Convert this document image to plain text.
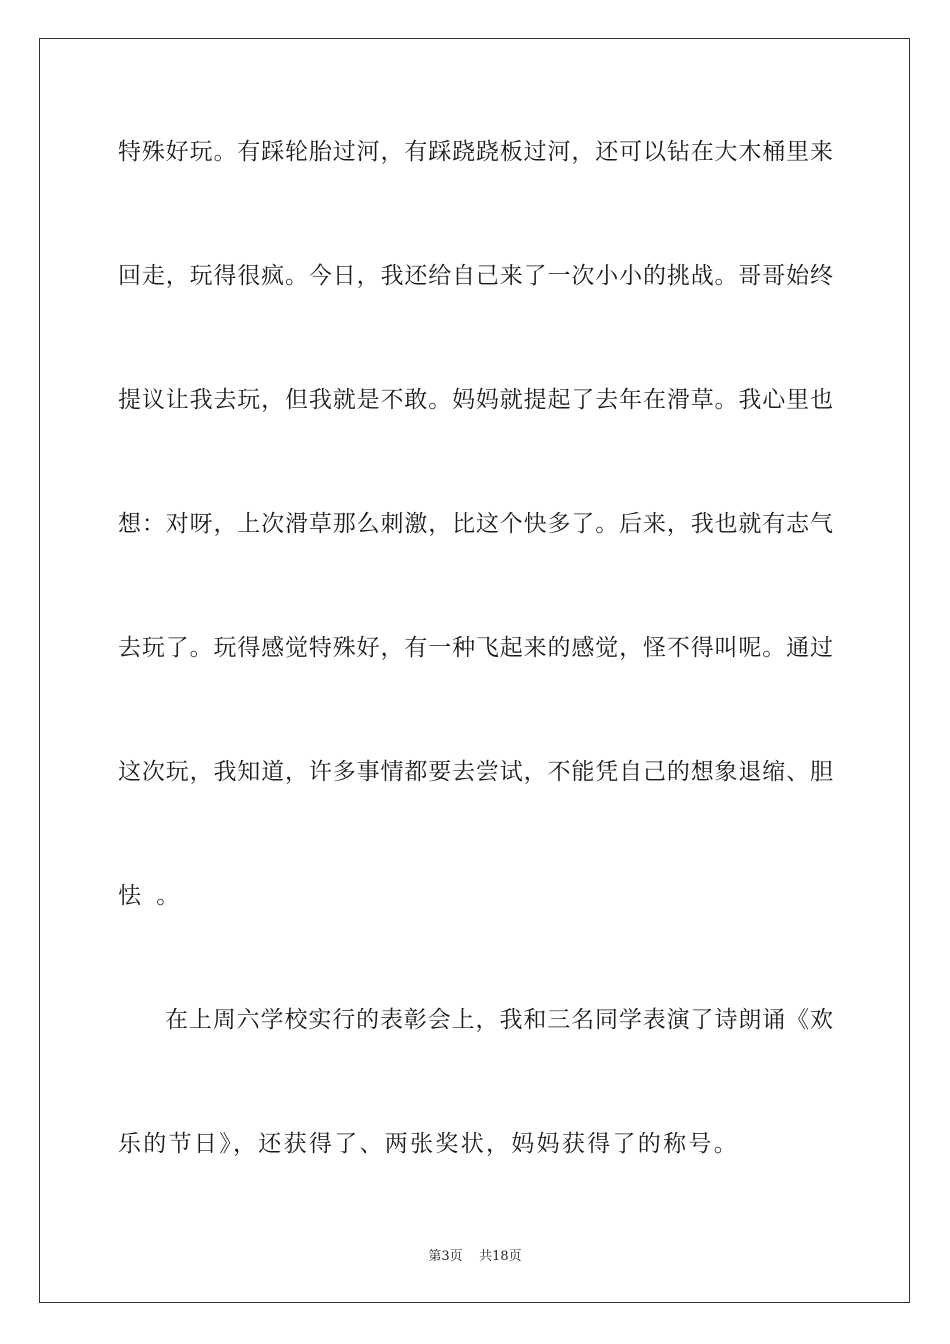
特殊好玩。有踩轮胎过河，有踩跷跷板过河，还可以钻在大木桶里来
回走，玩得很疯。今日，我还给自己来了一次小小的挑战。哥哥始终
提议让我去玩，但我就是不敢。妈妈就提起了去年在滑草。我心里也
想：对呀，上次滑草那么刺激，比这个快多了。后来，我也就有志气
去玩了。玩得感觉特殊好，有一种飞起来的感觉，怪不得叫呢。通过
这次玩，我知道，许多事情都要去尝试，不能凭自己的想象退缩、胆
怯 。
在上周六学校实行的表彰会上，我和三名同学表演了诗朗诵《欢
乐的节日》，还获得了、两张奖状，妈妈获得了的称号。
第3页 共18页
